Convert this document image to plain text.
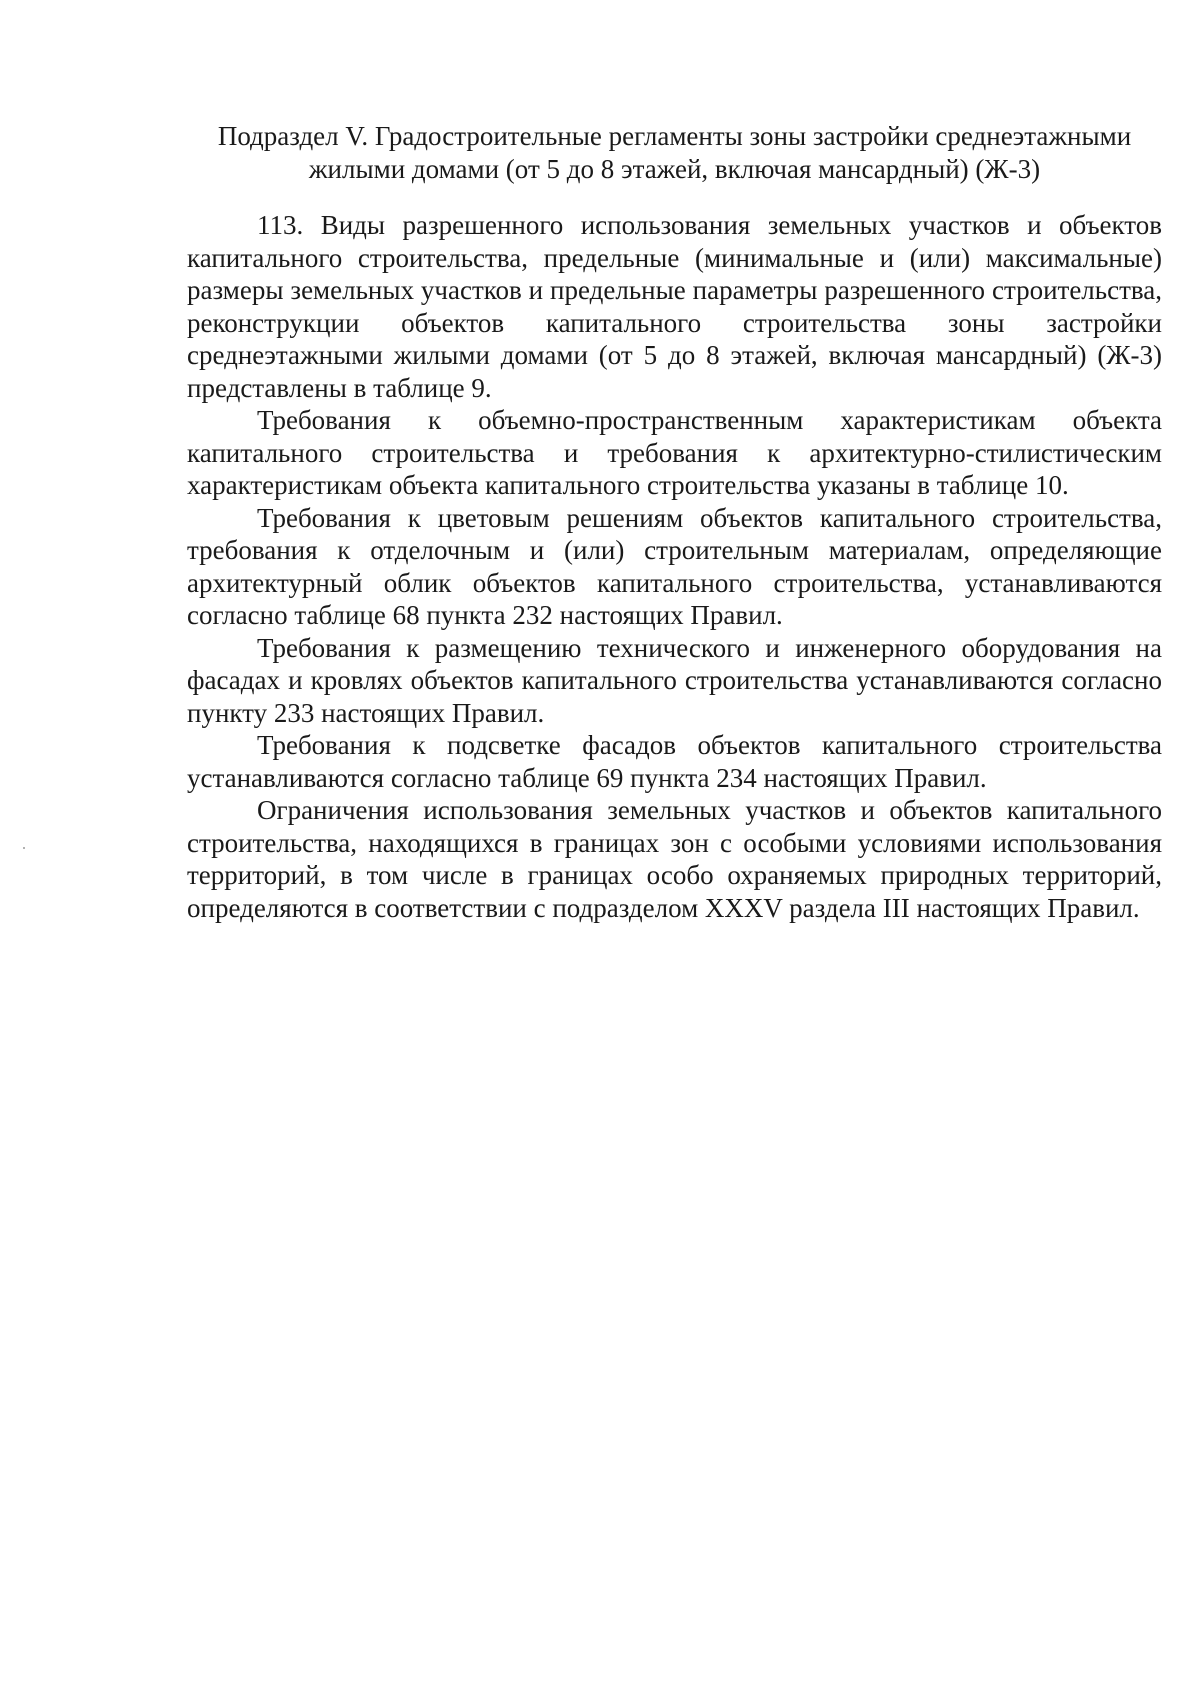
Подраздел V. Градостроительные регламенты зоны застройки среднеэтажными
жилыми домами (от 5 до 8 этажей, включая мансардный) (Ж-3)

113. Виды разрешенного использования земельных участков и объектов капитального строительства, предельные (минимальные и (или) максимальные) размеры земельных участков и предельные параметры разрешенного строительства, реконструкции объектов капитального строительства зоны застройки среднеэтажными жилыми домами (от 5 до 8 этажей, включая мансардный) (Ж-3) представлены в таблице 9.

Требования к объемно-пространственным характеристикам объекта капитального строительства и требования к архитектурно-стилистическим характеристикам объекта капитального строительства указаны в таблице 10.

Требования к цветовым решениям объектов капитального строительства, требования к отделочным и (или) строительным материалам, определяющие архитектурный облик объектов капитального строительства, устанавливаются согласно таблице 68 пункта 232 настоящих Правил.

Требования к размещению технического и инженерного оборудования на фасадах и кровлях объектов капитального строительства устанавливаются согласно пункту 233 настоящих Правил.

Требования к подсветке фасадов объектов капитального строительства устанавливаются согласно таблице 69 пункта 234 настоящих Правил.

Ограничения использования земельных участков и объектов капитального строительства, находящихся в границах зон с особыми условиями использования территорий, в том числе в границах особо охраняемых природных территорий, определяются в соответствии с подразделом XXXV раздела III настоящих Правил.
